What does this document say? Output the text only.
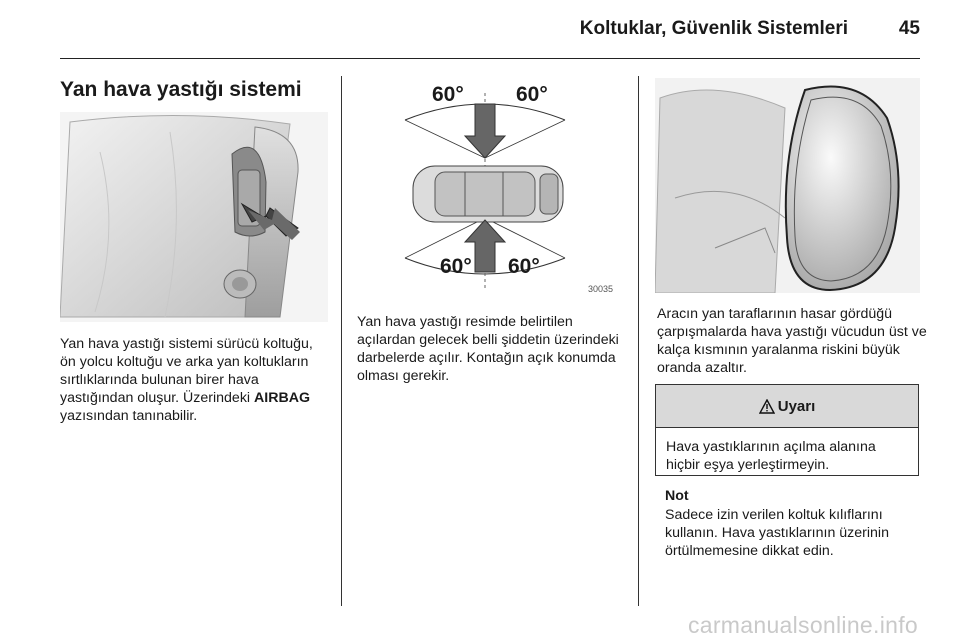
Koltuklar, Güvenlik Sistemleri	45
Yan hava yastığı sistemi
Yan hava yastığı sistemi sürücü koltuğu, ön yolcu koltuğu ve arka yan koltukların sırtlıklarında bulunan birer hava yastığından oluşur. Üzerindeki AIRBAG yazısından tanınabilir.
60° 60°
60° 60°
30035
Yan hava yastığı resimde belirtilen açılardan gelecek belli şiddetin üzerindeki darbelerde açılır. Kontağın açık konumda olması gerekir.
Aracın yan taraflarının hasar gördüğü çarpışmalarda hava yastığı vücudun üst ve kalça kısmının yaralanma riskini büyük oranda azaltır.
Uyarı
Hava yastıklarının açılma alanına hiçbir eşya yerleştirmeyin.
Not
Sadece izin verilen koltuk kılıflarını kullanın. Hava yastıklarının üzerinin örtülmemesine dikkat edin.
carmanualsonline.info
